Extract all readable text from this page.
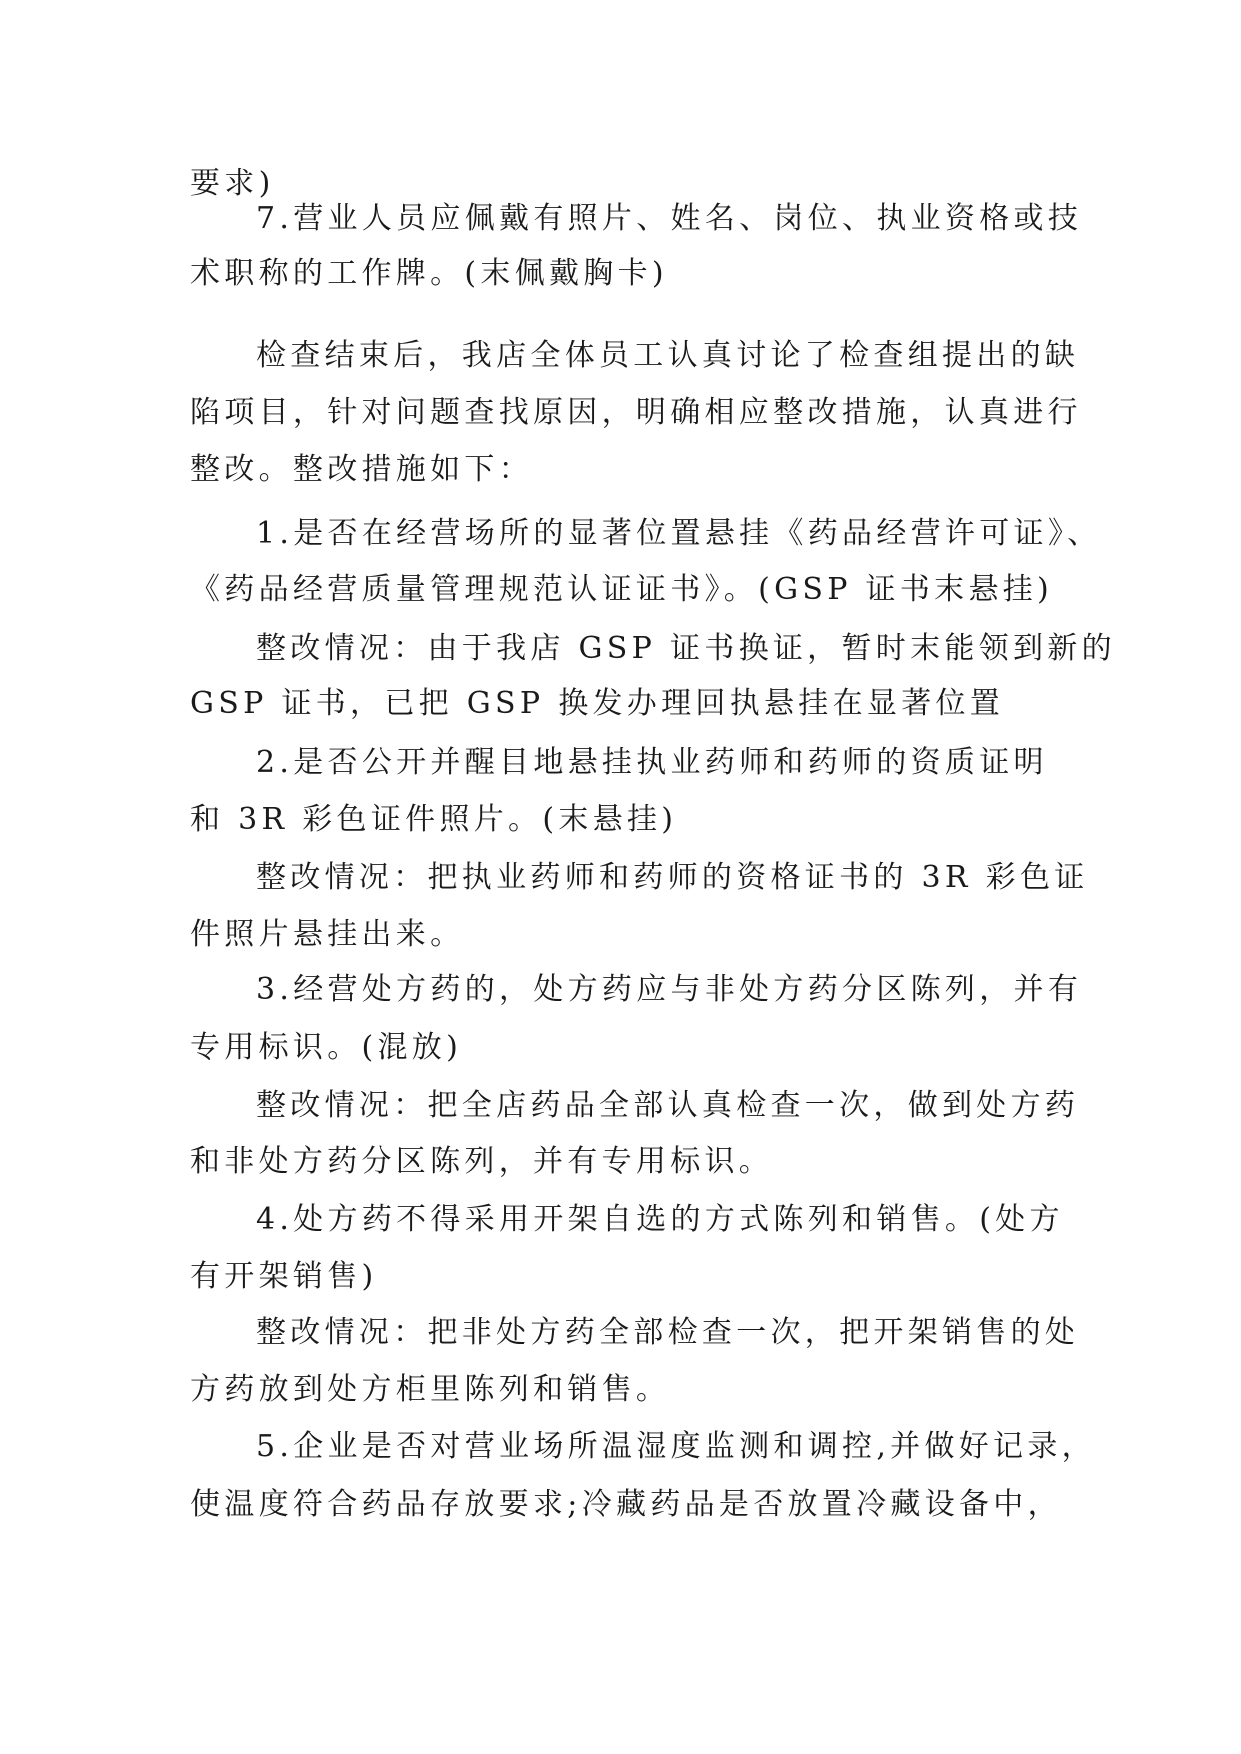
要求)
7.营业人员应佩戴有照片、姓名、岗位、执业资格或技
术职称的工作牌。(末佩戴胸卡)
检查结束后，我店全体员工认真讨论了检查组提出的缺
陷项目，针对问题查找原因，明确相应整改措施，认真进行
整改。整改措施如下：
1.是否在经营场所的显著位置悬挂《药品经营许可证》、
《药品经营质量管理规范认证证书》。(GSP 证书末悬挂)
整改情况：由于我店 GSP 证书换证，暂时末能领到新的
GSP 证书，已把 GSP 换发办理回执悬挂在显著位置
2.是否公开并醒目地悬挂执业药师和药师的资质证明
和 3R 彩色证件照片。(末悬挂)
整改情况：把执业药师和药师的资格证书的 3R 彩色证
件照片悬挂出来。
3.经营处方药的，处方药应与非处方药分区陈列，并有
专用标识。(混放)
整改情况：把全店药品全部认真检查一次，做到处方药
和非处方药分区陈列，并有专用标识。
4.处方药不得采用开架自选的方式陈列和销售。(处方
有开架销售)
整改情况：把非处方药全部检查一次，把开架销售的处
方药放到处方柜里陈列和销售。
5.企业是否对营业场所温湿度监测和调控,并做好记录，
使温度符合药品存放要求;冷藏药品是否放置冷藏设备中，
